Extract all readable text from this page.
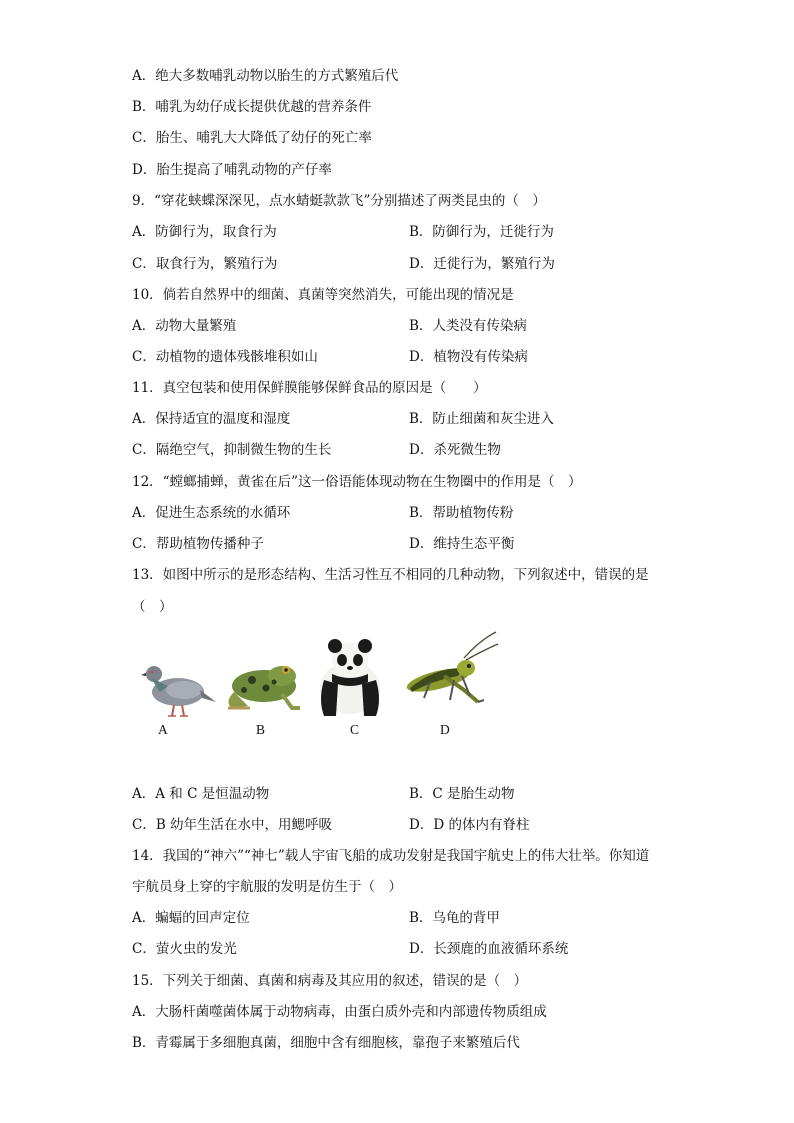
A．绝大多数哺乳动物以胎生的方式繁殖后代
B．哺乳为幼仔成长提供优越的营养条件
C．胎生、哺乳大大降低了幼仔的死亡率
D．胎生提高了哺乳动物的产仔率
9．“穿花蛱蝶深深见，点水蜻蜓款款飞”分别描述了两类昆虫的（　）
A．防御行为，取食行为	B．防御行为，迁徙行为
C．取食行为，繁殖行为	D．迁徙行为，繁殖行为
10．倘若自然界中的细菌、真菌等突然消失，可能出现的情况是
A．动物大量繁殖	B．人类没有传染病
C．动植物的遗体残骸堆积如山	D．植物没有传染病
11．真空包装和使用保鲜膜能够保鲜食品的原因是（　　）
A．保持适宜的温度和湿度	B．防止细菌和灰尘进入
C．隔绝空气，抑制微生物的生长	D．杀死微生物
12．“螳螂捕蝉，黄雀在后”这一俗语能体现动物在生物圈中的作用是（　）
A．促进生态系统的水循环	B．帮助植物传粉
C．帮助植物传播种子	D．维持生态平衡
13．如图中所示的是形态结构、生活习性互不相同的几种动物，下列叙述中，错误的是
（　）
A	B	C	D
A．A 和 C 是恒温动物	B．C 是胎生动物
C．B 幼年生活在水中，用鳃呼吸	D．D 的体内有脊柱
14．我国的“神六”“神七”载人宇宙飞船的成功发射是我国宇航史上的伟大壮举。你知道
宇航员身上穿的宇航服的发明是仿生于（　）
A．蝙蝠的回声定位	B．乌龟的背甲
C．萤火虫的发光	D．长颈鹿的血液循环系统
15．下列关于细菌、真菌和病毒及其应用的叙述，错误的是（　）
A．大肠杆菌噬菌体属于动物病毒，由蛋白质外壳和内部遗传物质组成
B．青霉属于多细胞真菌，细胞中含有细胞核，靠孢子来繁殖后代
